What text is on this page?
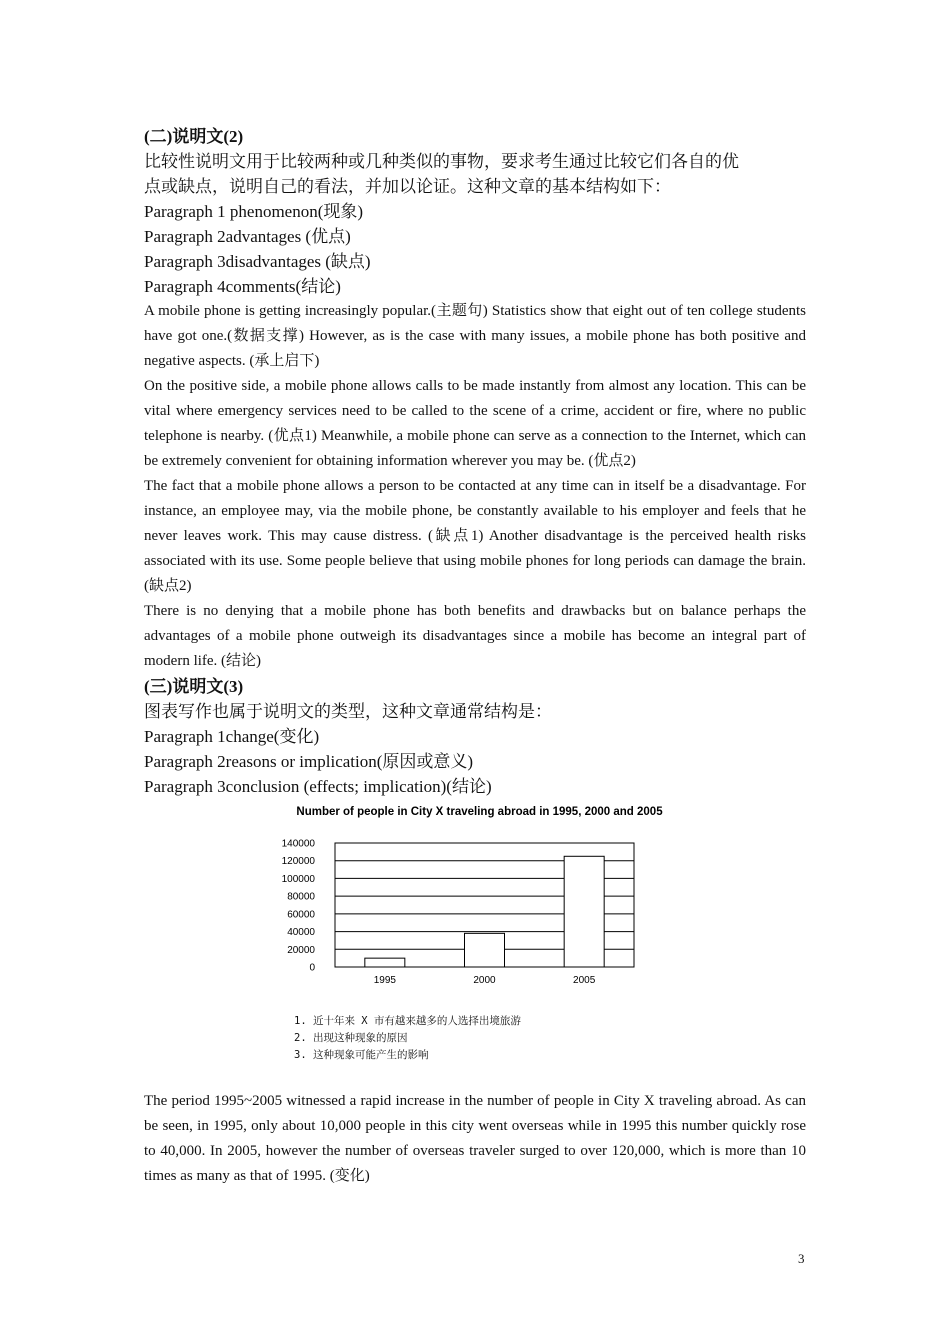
(二)说明文(2)

比较性说明文用于比较两种或几种类似的事物，要求考生通过比较它们各自的优

点或缺点，说明自己的看法，并加以论证。这种文章的基本结构如下：

Paragraph 1 phenomenon(现象)

Paragraph 2advantages (优点)

Paragraph 3disadvantages (缺点)

Paragraph 4comments(结论)

A mobile phone is getting increasingly popular.(主题句) Statistics show that eight out of ten college students have got one.(数据支撑) However, as is the case with many issues, a mobile phone has both positive and negative aspects. (承上启下)

On the positive side, a mobile phone allows calls to be made instantly from almost any location. This can be vital where emergency services need to be called to the scene of a crime, accident or fire, where no public telephone is nearby. (优点1) Meanwhile, a mobile phone can serve as a connection to the Internet, which can be extremely convenient for obtaining information wherever you may be. (优点2)

The fact that a mobile phone allows a person to be contacted at any time can in itself be a disadvantage. For instance, an employee may, via the mobile phone, be constantly available to his employer and feels that he never leaves work. This may cause distress. (缺点1) Another disadvantage is the perceived health risks associated with its use. Some people believe that using mobile phones for long periods can damage the brain. (缺点2)

There is no denying that a mobile phone has both benefits and drawbacks but on balance perhaps the advantages of a mobile phone outweigh its disadvantages since a mobile has become an integral part of modern life. (结论)

(三)说明文(3)

图表写作也属于说明文的类型，这种文章通常结构是：

Paragraph 1change(变化)

Paragraph 2reasons or implication(原因或意义)

Paragraph 3conclusion (effects; implication)(结论)

Number of people in City X traveling abroad in 1995, 2000 and 2005
0
20000
40000
60000
80000
100000
120000
140000
1995	2000	2005
1. 近十年来 X 市有越来越多的人选择出境旅游
2. 出现这种现象的原因
3. 这种现象可能产生的影响

The period 1995~2005 witnessed a rapid increase in the number of people in City X traveling abroad. As can be seen, in 1995, only about 10,000 people in this city went overseas while in 1995 this number quickly rose to 40,000. In 2005, however the number of overseas traveler surged to over 120,000, which is more than 10 times as many as that of 1995. (变化)

3
